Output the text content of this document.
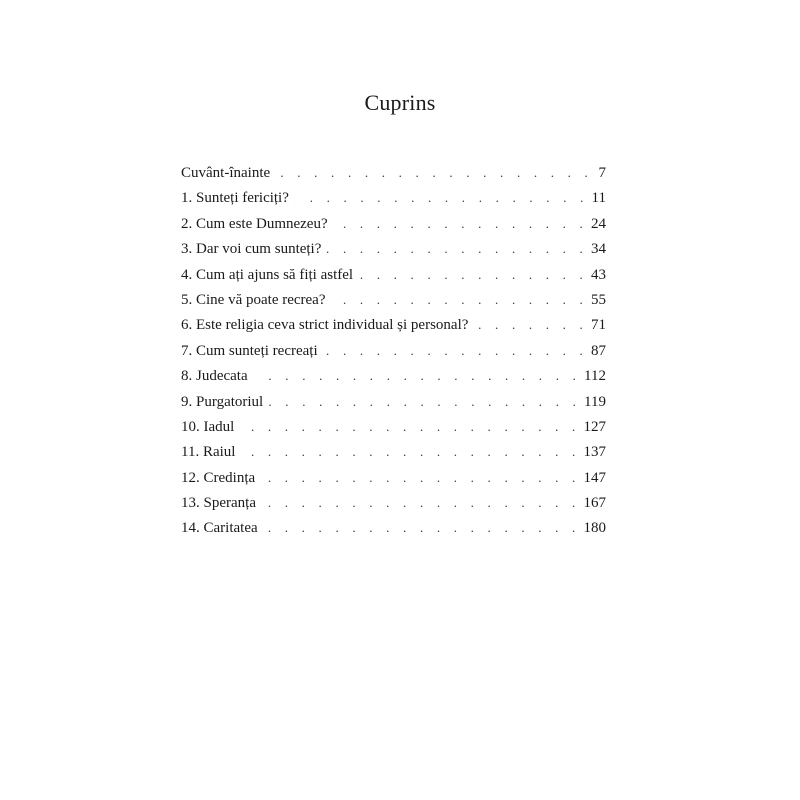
Cuprins
Cuvânt-înainte . . .	7
1. Sunteți fericiți? . . .	11
2. Cum este Dumnezeu? . . .	24
3. Dar voi cum sunteți? . . .	34
4. Cum ați ajuns să fiți astfel . . .	43
5. Cine vă poate recrea? . . .	55
6. Este religia ceva strict individual și personal? . . .	71
7. Cum sunteți recreați . . .	87
8. Judecata . . .	112
9. Purgatoriul . . .	119
10. Iadul . . .	127
11. Raiul . . .	137
12. Credința . . .	147
13. Speranța . . .	167
14. Caritatea . . .	180
